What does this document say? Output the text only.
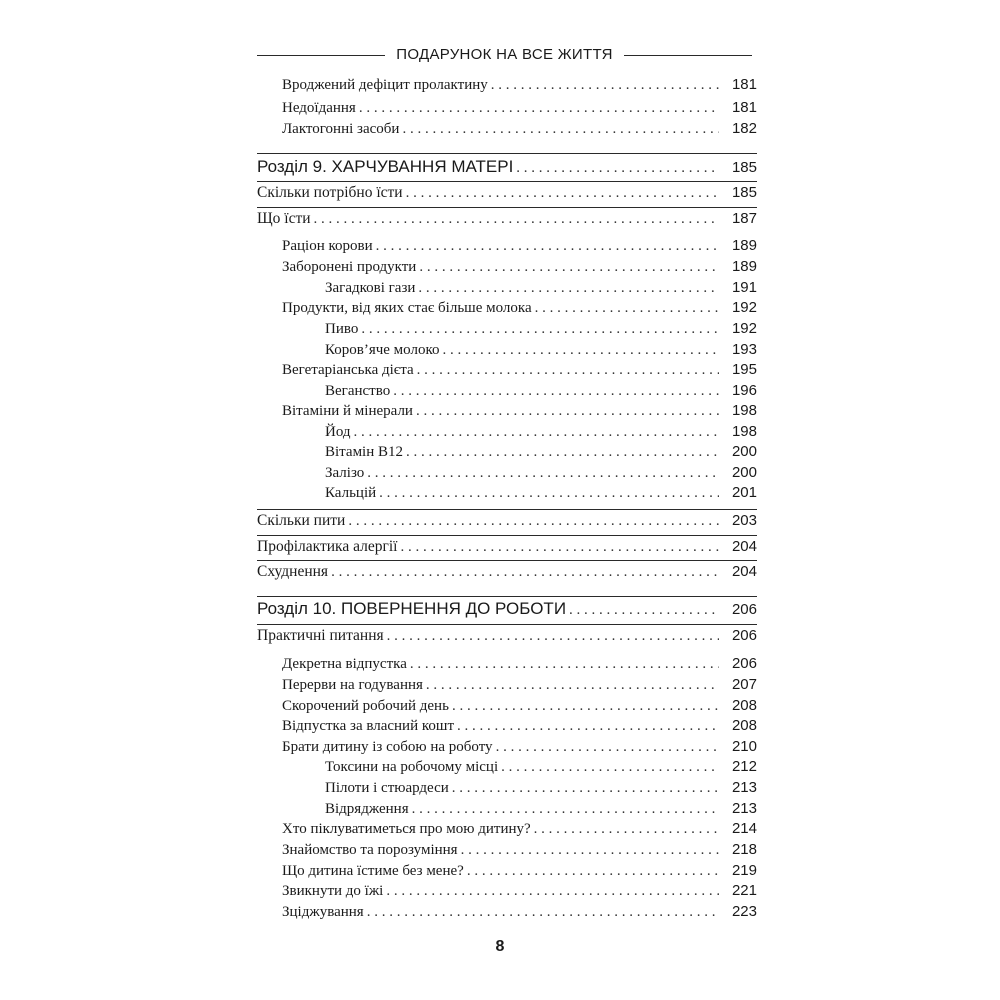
ПОДАРУНОК НА ВСЕ ЖИТТЯ
Вроджений дефіцит пролактину . . .	181
Недоїдання . . .	181
Лактогонні засоби . . .	182
Розділ 9. ХАРЧУВАННЯ МАТЕРІ . . .	185
Скільки потрібно їсти . . .	185
Що їсти . . .	187
Раціон корови . . .	189
Заборонені продукти . . .	189
Загадкові гази . . .	191
Продукти, від яких стає більше молока . . .	192
Пиво . . .	192
Коров’яче молоко . . .	193
Вегетаріанська дієта . . .	195
Веганство . . .	196
Вітаміни й мінерали . . .	198
Йод . . .	198
Вітамін В12 . . .	200
Залізо . . .	200
Кальцій . . .	201
Скільки пити . . .	203
Профілактика алергії . . .	204
Схуднення . . .	204
Розділ 10. ПОВЕРНЕННЯ ДО РОБОТИ . . .	206
Практичні питання . . .	206
Декретна відпустка . . .	206
Перерви на годування . . .	207
Скорочений робочий день . . .	208
Відпустка за власний кошт . . .	208
Брати дитину із собою на роботу . . .	210
Токсини на робочому місці . . .	212
Пілоти і стюардеси . . .	213
Відрядження . . .	213
Хто піклуватиметься про мою дитину? . . .	214
Знайомство та порозуміння . . .	218
Що дитина їстиме без мене? . . .	219
Звикнути до їжі . . .	221
Зціджування . . .	223
8
